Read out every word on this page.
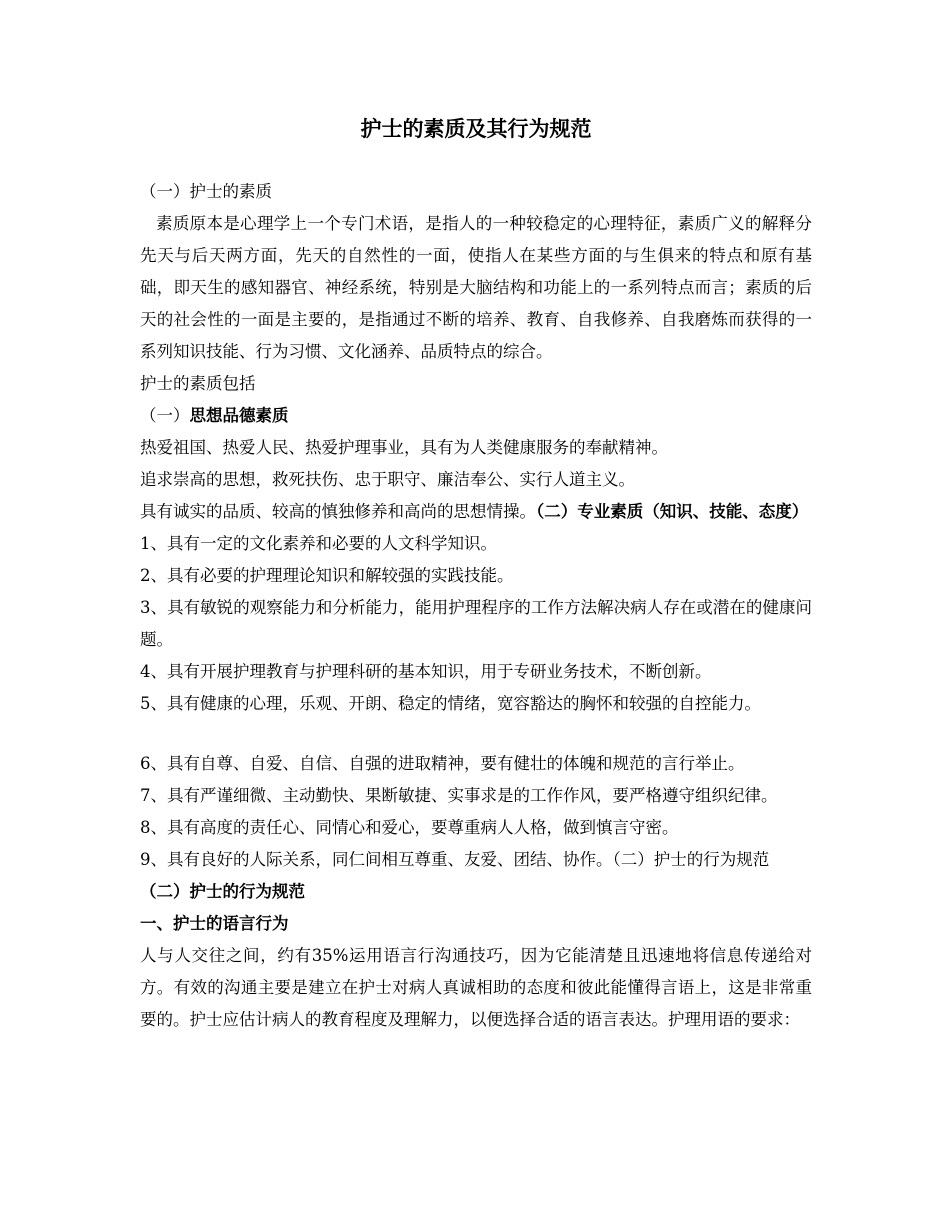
护士的素质及其行为规范

（一）护士的素质

素质原本是心理学上一个专门术语，是指人的一种较稳定的心理特征，素质广义的解释分先天与后天两方面，先天的自然性的一面，使指人在某些方面的与生俱来的特点和原有基础，即天生的感知器官、神经系统，特别是大脑结构和功能上的一系列特点而言；素质的后天的社会性的一面是主要的，是指通过不断的培养、教育、自我修养、自我磨炼而获得的一系列知识技能、行为习惯、文化涵养、品质特点的综合。

护士的素质包括

（一）思想品德素质

热爱祖国、热爱人民、热爱护理事业，具有为人类健康服务的奉献精神。

追求崇高的思想，救死扶伤、忠于职守、廉洁奉公、实行人道主义。

具有诚实的品质、较高的慎独修养和高尚的思想情操。（二）专业素质（知识、技能、态度）

1、具有一定的文化素养和必要的人文科学知识。

2、具有必要的护理理论知识和解较强的实践技能。

3、具有敏锐的观察能力和分析能力，能用护理程序的工作方法解决病人存在或潜在的健康问题。

4、具有开展护理教育与护理科研的基本知识，用于专研业务技术，不断创新。

5、具有健康的心理，乐观、开朗、稳定的情绪，宽容豁达的胸怀和较强的自控能力。

6、具有自尊、自爱、自信、自强的进取精神，要有健壮的体魄和规范的言行举止。

7、具有严谨细微、主动勤快、果断敏捷、实事求是的工作作风，要严格遵守组织纪律。

8、具有高度的责任心、同情心和爱心，要尊重病人人格，做到慎言守密。

9、具有良好的人际关系，同仁间相互尊重、友爱、团结、协作。（二）护士的行为规范

（二）护士的行为规范

一、护士的语言行为

人与人交往之间，约有35%运用语言行沟通技巧，因为它能清楚且迅速地将信息传递给对方。有效的沟通主要是建立在护士对病人真诚相助的态度和彼此能懂得言语上，这是非常重要的。护士应估计病人的教育程度及理解力，以便选择合适的语言表达。护理用语的要求：
